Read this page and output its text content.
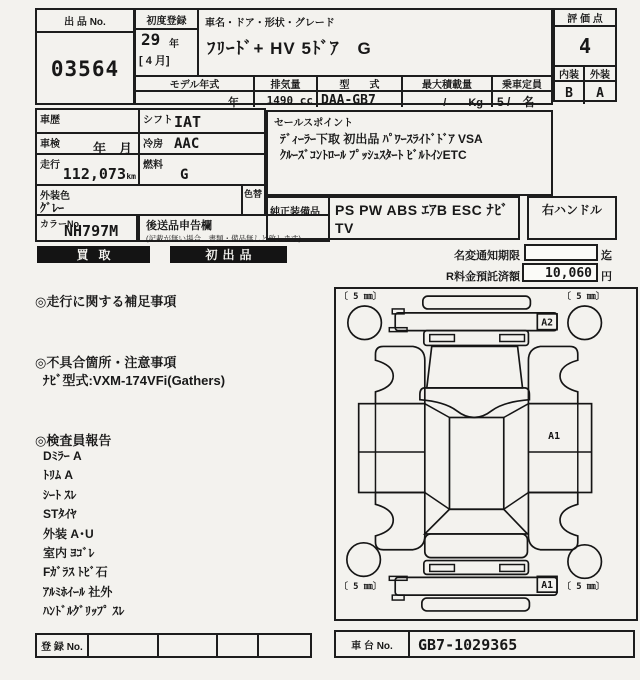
出 品 No.
03564
初度登録	車名・ドア・形状・グレード
29 年
[ 4 月]
ﾌﾘｰﾄﾞ+ HV 5ﾄﾞｱ　G
モデル年式	排気量	型　　式	最大積載量	乗車定員
年	1490 cc DAA-GB7	/　　Kg	5 /　名
評 価 点
4
内装	外装
B	A
車歴	シフト IAT
車検	年　月 冷房 AAC
走行 112,073 km
燃料
G
外装色
ｸﾞﾚｰ
色替
カラーNo.
NH797M	後送品申告欄
(記載が無い場合、書類・備品無しと致します)
セールスポイント
ﾃﾞｨｰﾗｰ下取 初出品 ﾊﾟﾜｰｽﾗｲﾄﾞﾄﾞｱ VSA
ｸﾙｰｽﾞｺﾝﾄﾛｰﾙ ﾌﾟｯｼｭｽﾀｰﾄ ﾋﾞﾙﾄｲﾝETC
純正装備品	PS PW ABS ｴｱB ESC ﾅﾋﾞ TV
右ハンドル
買取	初出品	名変通知期限	迄
R料金預託済額	10,060 円
◎走行に関する補足事項
◎不具合箇所・注意事項
ﾅﾋﾞ型式:VXM-174VFi(Gathers)
◎検査員報告
Dﾐﾗｰ A
ﾄﾘﾑ A
ｼｰﾄ ｽﾚ
STﾀｲﾔ
外装 A･U
室内 ﾖｺﾞﾚ
Fｶﾞﾗｽ ﾄﾋﾞ石
ｱﾙﾐﾎｲｰﾙ 社外
ﾊﾝﾄﾞﾙｸﾞﾘｯﾌﾟ ｽﾚ
〔 5 ㎜〕	〔 5 ㎜〕
〔 5 ㎜〕	〔 5 ㎜〕
A2
A1
A1
登 録 No.	車 台 No.	GB7-1029365
